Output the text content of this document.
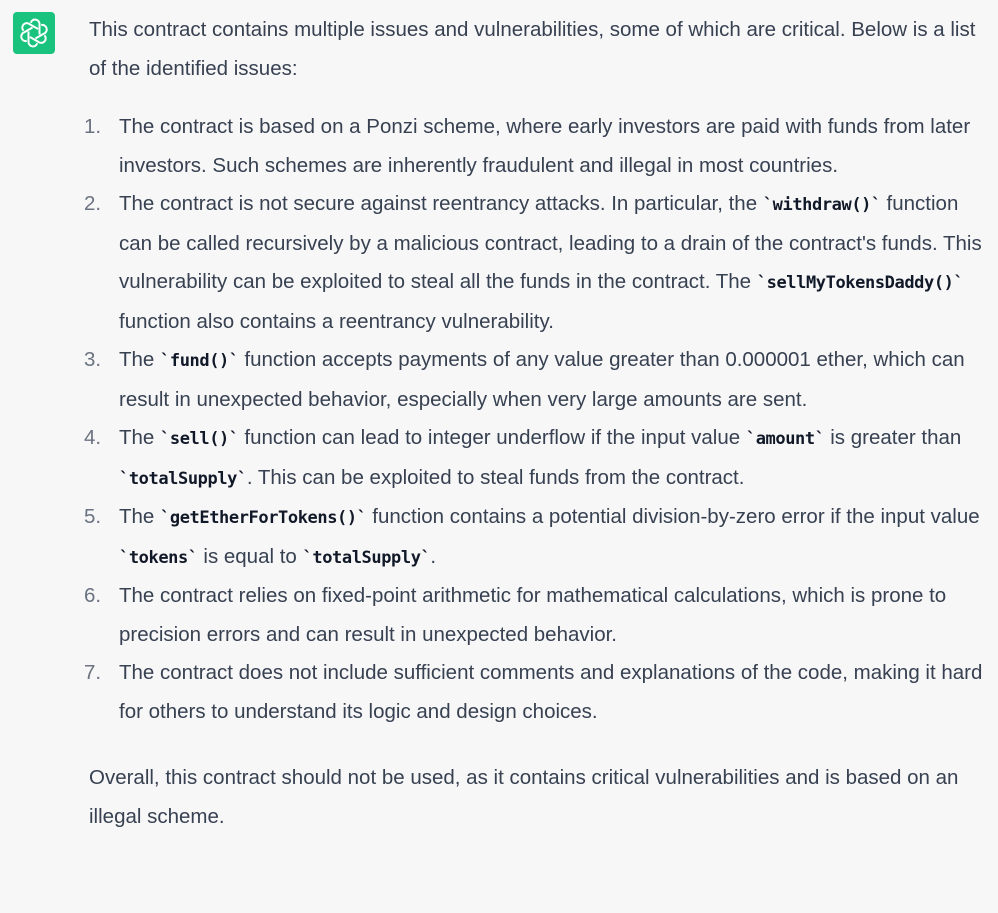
This contract contains multiple issues and vulnerabilities, some of which are critical. Below is a list of the identified issues:

1. The contract is based on a Ponzi scheme, where early investors are paid with funds from later investors. Such schemes are inherently fraudulent and illegal in most countries.
2. The contract is not secure against reentrancy attacks. In particular, the `withdraw()` function can be called recursively by a malicious contract, leading to a drain of the contract's funds. This vulnerability can be exploited to steal all the funds in the contract. The `sellMyTokensDaddy()` function also contains a reentrancy vulnerability.
3. The `fund()` function accepts payments of any value greater than 0.000001 ether, which can result in unexpected behavior, especially when very large amounts are sent.
4. The `sell()` function can lead to integer underflow if the input value `amount` is greater than `totalSupply`. This can be exploited to steal funds from the contract.
5. The `getEtherForTokens()` function contains a potential division-by-zero error if the input value `tokens` is equal to `totalSupply`.
6. The contract relies on fixed-point arithmetic for mathematical calculations, which is prone to precision errors and can result in unexpected behavior.
7. The contract does not include sufficient comments and explanations of the code, making it hard for others to understand its logic and design choices.

Overall, this contract should not be used, as it contains critical vulnerabilities and is based on an illegal scheme.
